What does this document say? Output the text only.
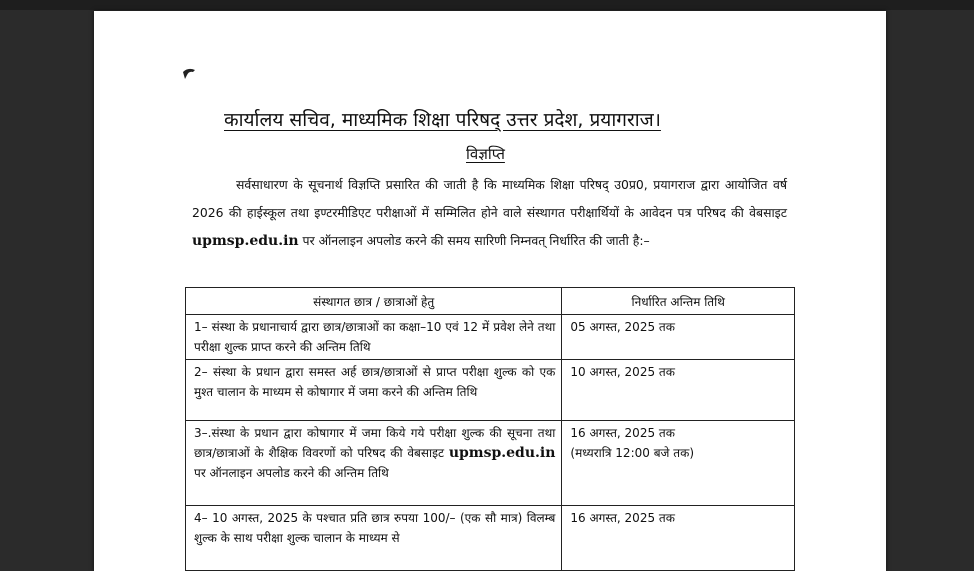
कार्यालय सचिव, माध्यमिक शिक्षा परिषद् उत्तर प्रदेश, प्रयागराज।
विज्ञप्ति
सर्वसाधारण के सूचनार्थ विज्ञप्ति प्रसारित की जाती है कि माध्यमिक शिक्षा परिषद् उ0प्र0, प्रयागराज द्वारा आयोजित वर्ष 2026 की हाईस्कूल तथा इण्टरमीडिएट परीक्षाओं में सम्मिलित होने वाले संस्थागत परीक्षार्थियों के आवेदन पत्र परिषद की वेबसाइट upmsp.edu.in पर ऑनलाइन अपलोड करने की समय सारिणी निम्नवत् निर्धारित की जाती है:–
संस्थागत छात्र / छात्राओं हेतु	निर्धारित अन्तिम तिथि
1– संस्था के प्रधानाचार्य द्वारा छात्र/छात्राओं का कक्षा–10 एवं 12 में प्रवेश लेने तथा परीक्षा शुल्क प्राप्त करने की अन्तिम तिथि	05 अगस्त, 2025 तक
2– संस्था के प्रधान द्वारा समस्त अर्ह छात्र/छात्राओं से प्राप्त परीक्षा शुल्क को एक मुश्त चालान के माध्यम से कोषागार में जमा करने की अन्तिम तिथि	10 अगस्त, 2025 तक
3–.संस्था के प्रधान द्वारा कोषागार में जमा किये गये परीक्षा शुल्क की सूचना तथा छात्र/छात्राओं के शैक्षिक विवरणों को परिषद की वेबसाइट upmsp.edu.in पर ऑनलाइन अपलोड करने की अन्तिम तिथि	16 अगस्त, 2025 तक
(मध्यरात्रि 12:00 बजे तक)

4– 10 अगस्त, 2025 के पश्चात प्रति छात्र रुपया 100/– (एक सौ मात्र) विलम्ब शुल्क के साथ परीक्षा शुल्क चालान के माध्यम से	16 अगस्त, 2025 तक
